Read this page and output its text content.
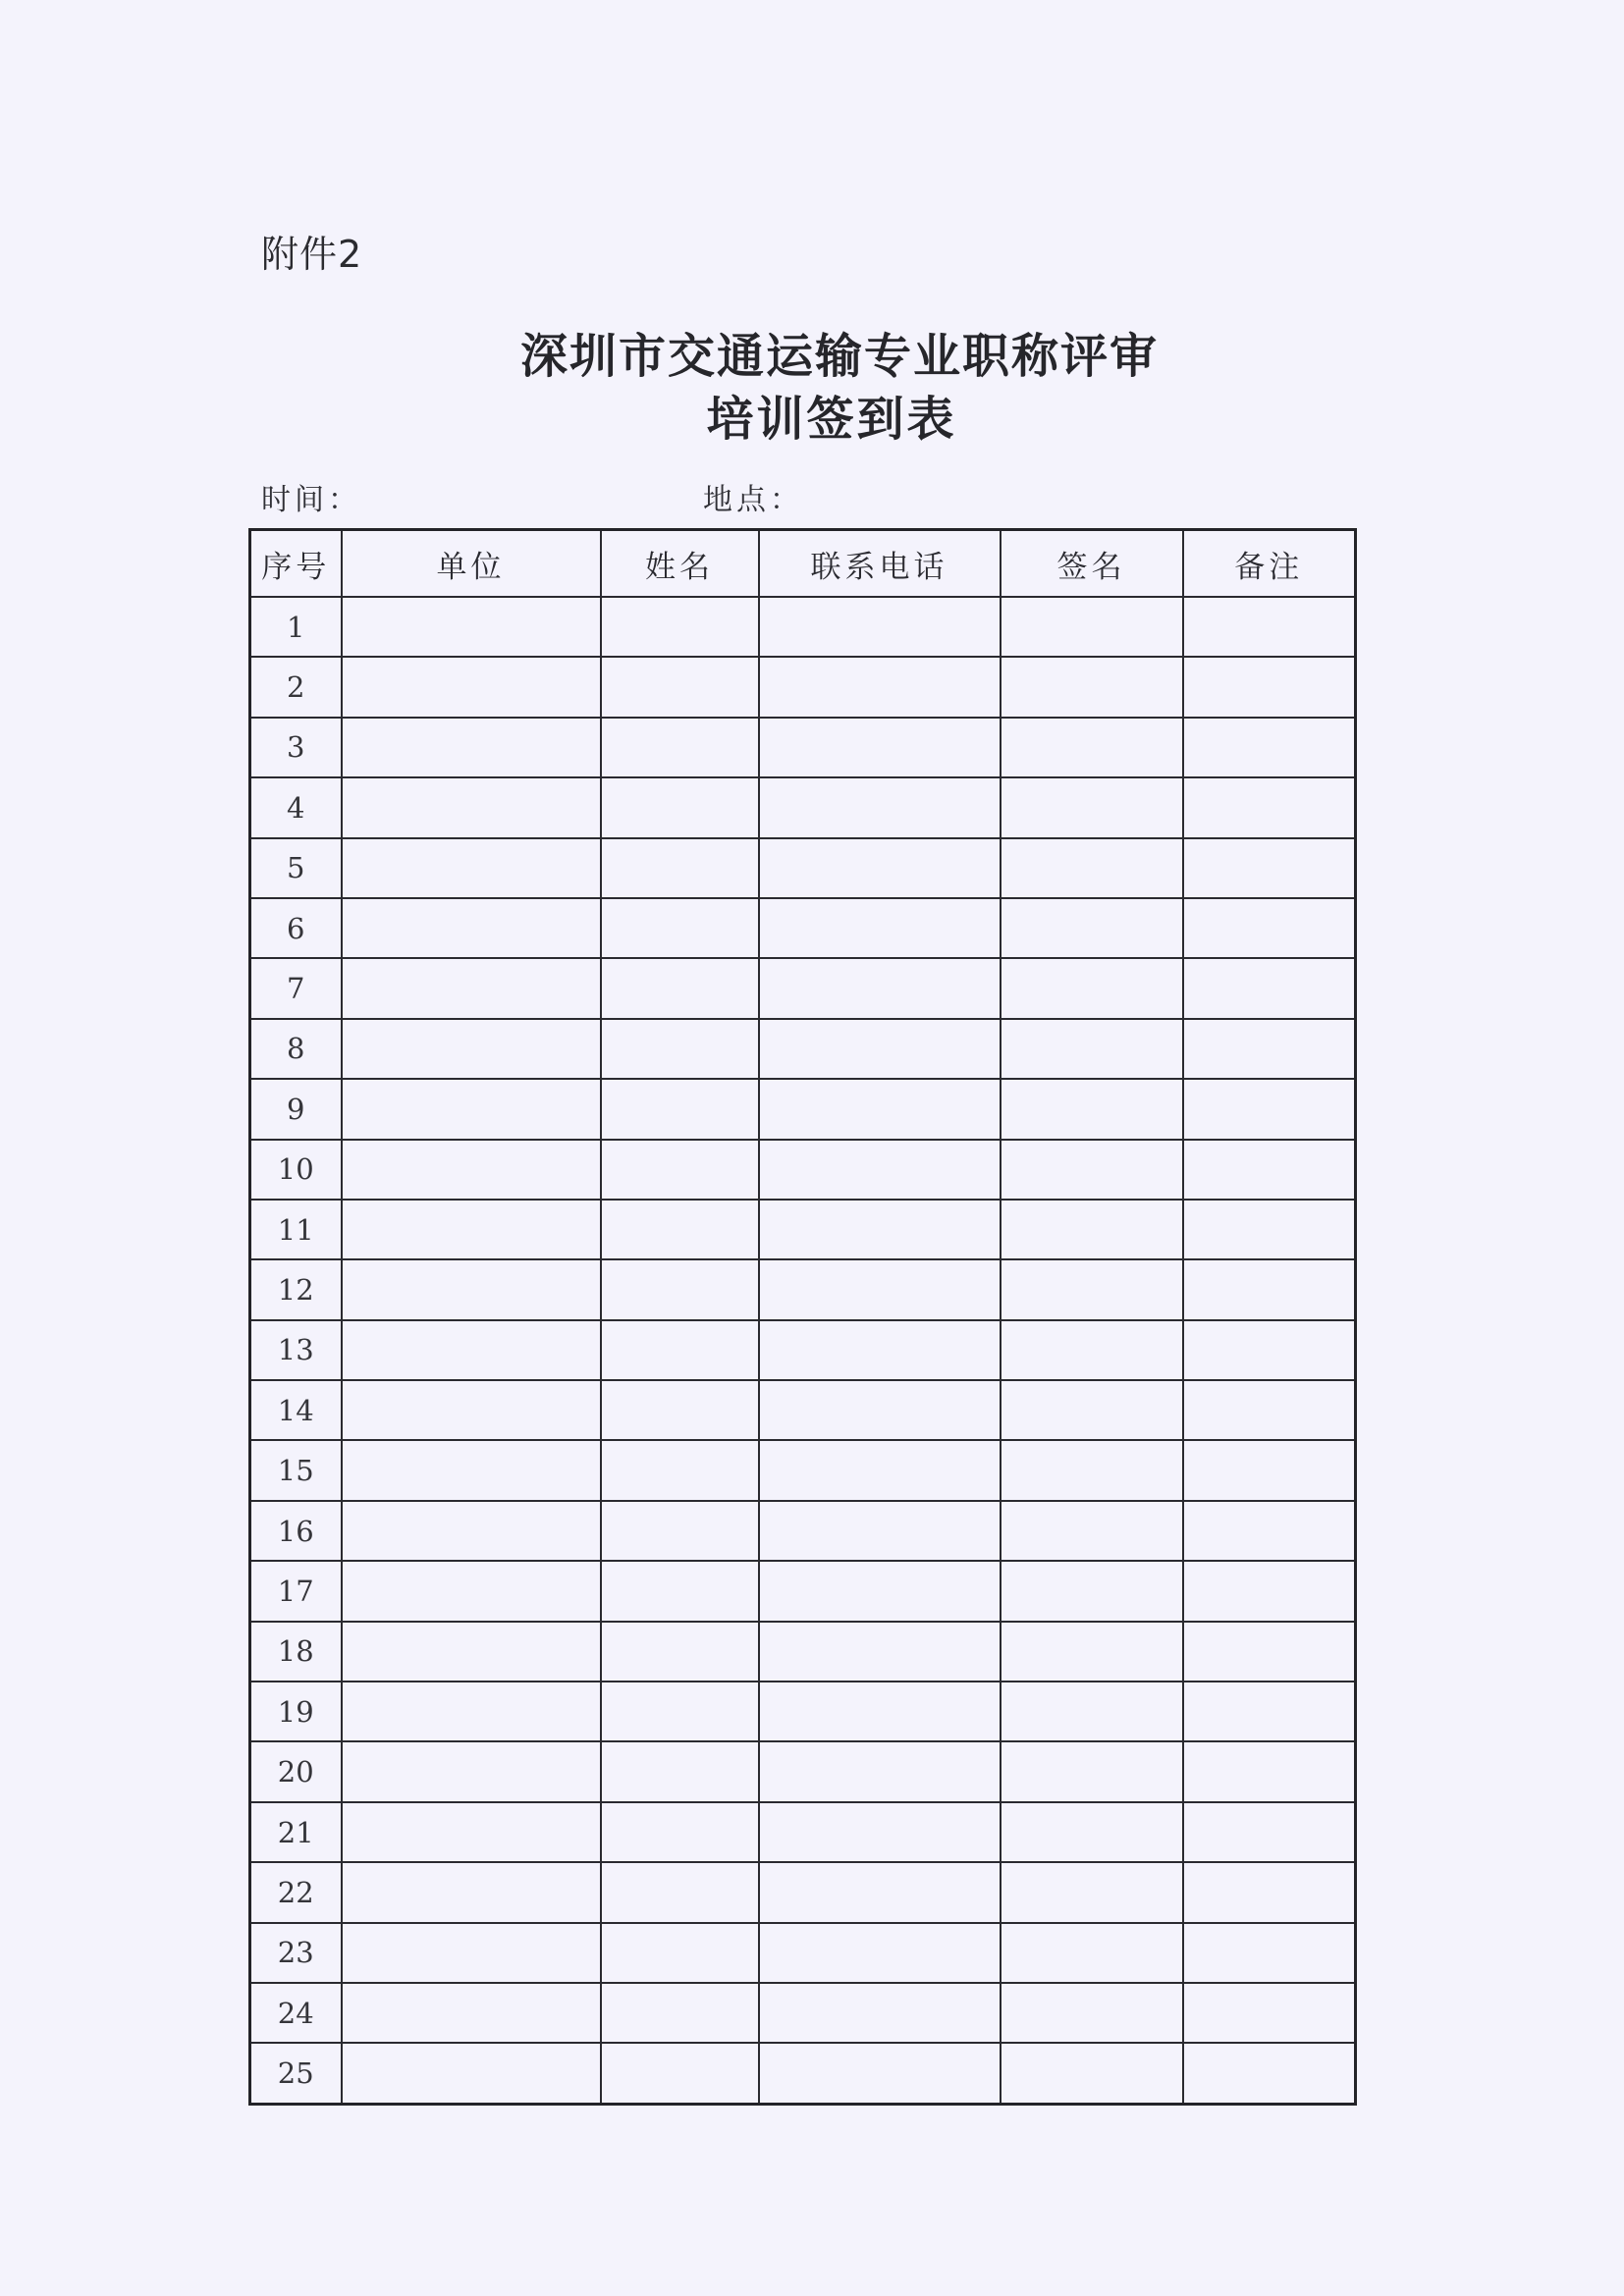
附件2
深圳市交通运输专业职称评审
培训签到表
时间：	地点：
序号	单位	姓名	联系电话	签名	备注
1					
2					
3					
4					
5					
6					
7					
8					
9					
10					
11					
12					
13					
14					
15					
16					
17					
18					
19					
20					
21					
22					
23					
24					
25					
